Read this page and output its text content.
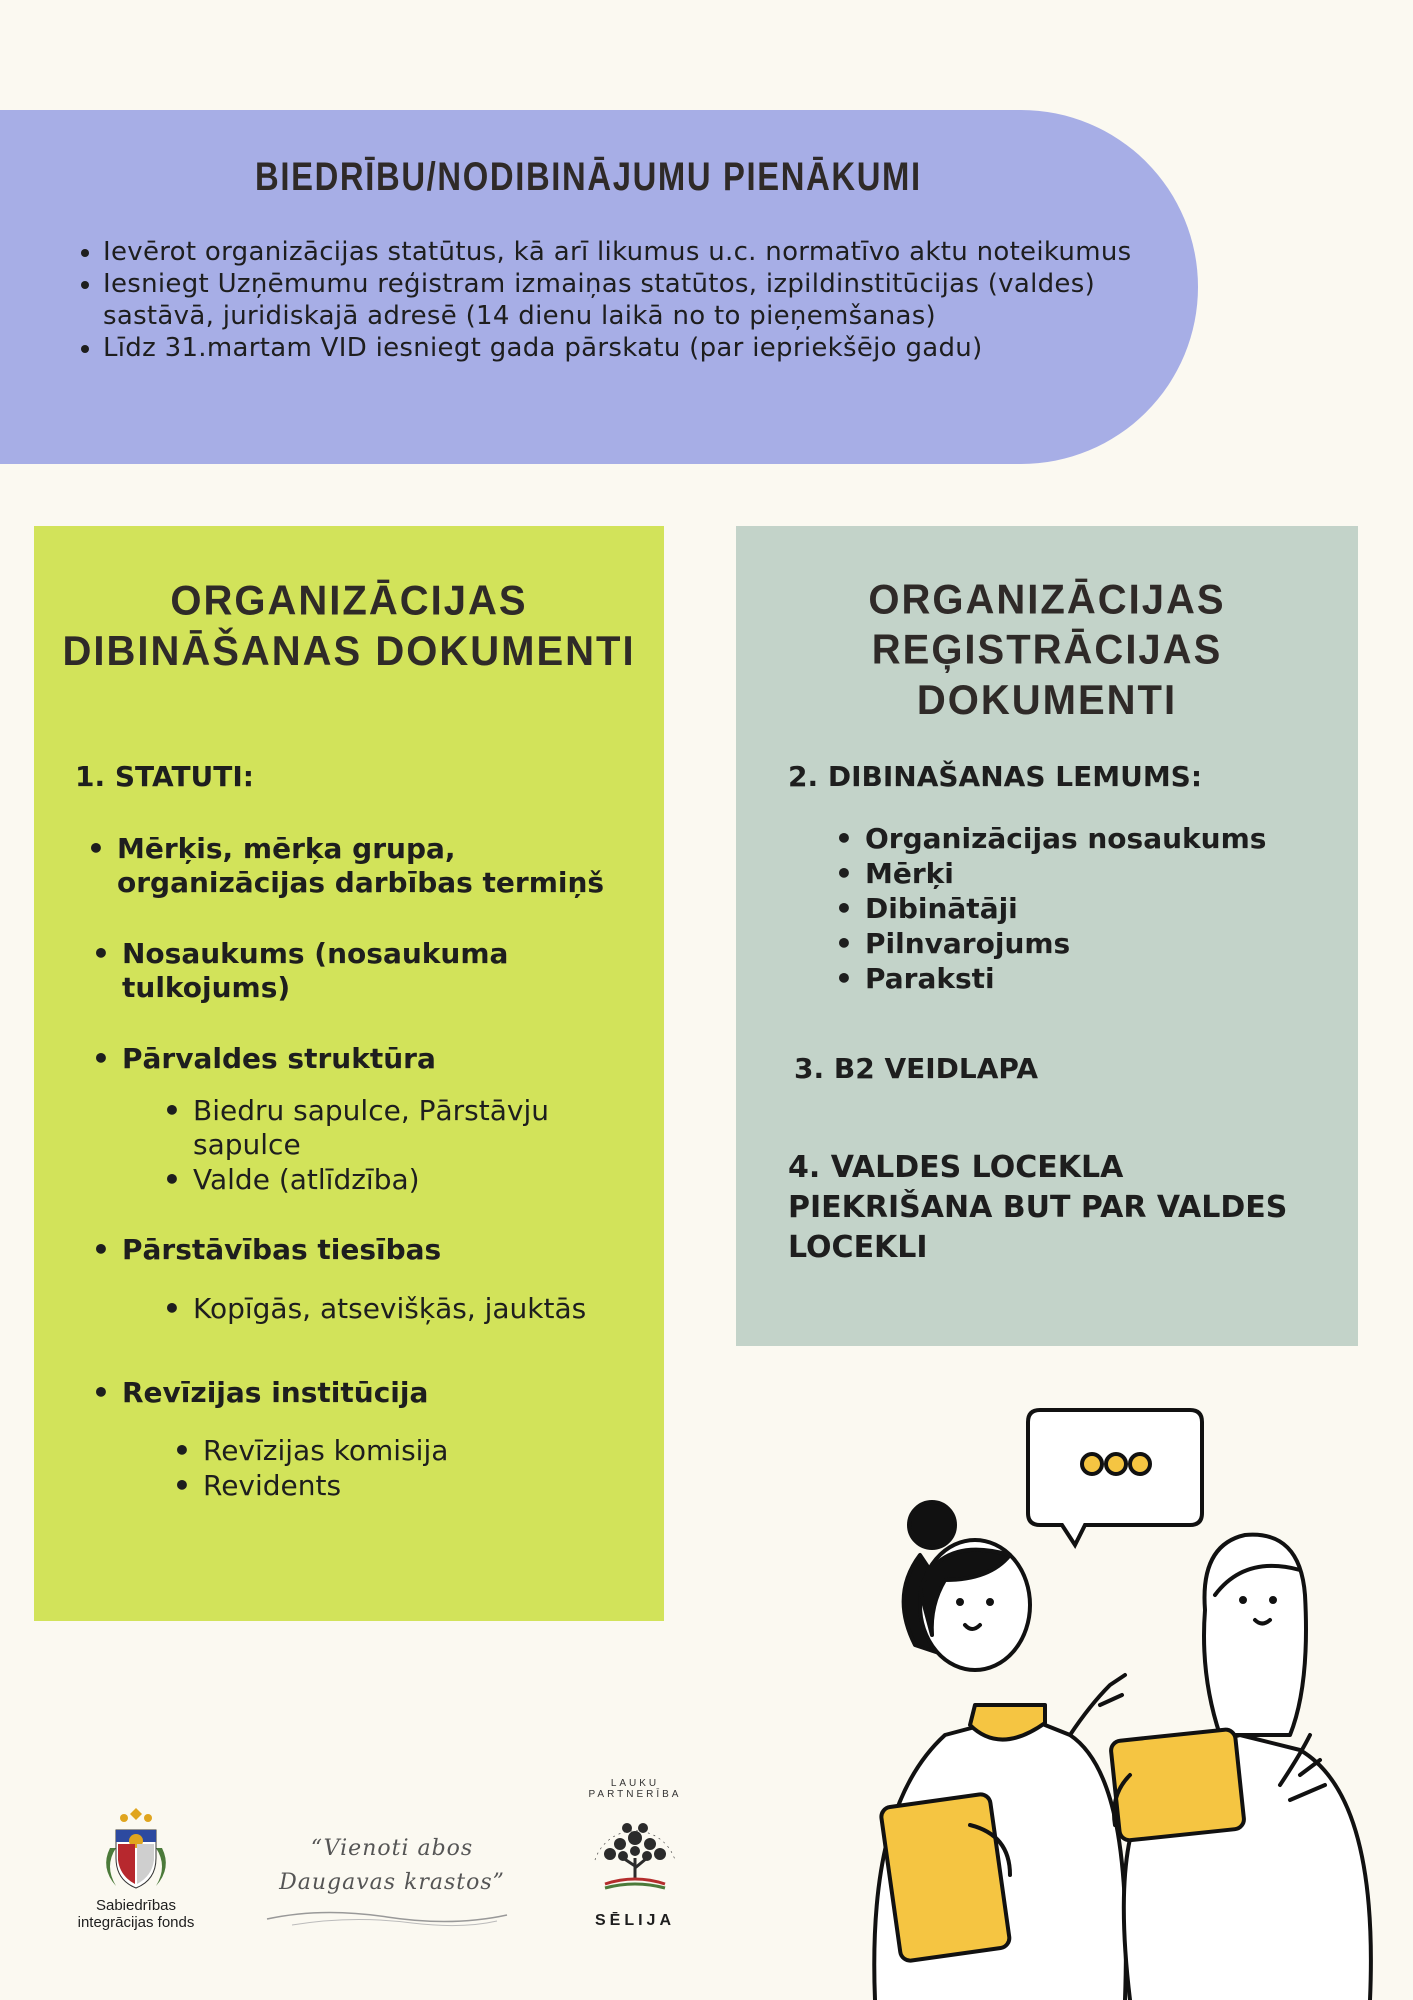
BIEDRĪBU/NODIBINĀJUMU PIENĀKUMI
• Ievērot organizācijas statūtus, kā arī likumus u.c. normatīvo aktu noteikumus
• Iesniegt Uzņēmumu reģistram izmaiņas statūtos, izpildinstitūcijas (valdes) sastāvā, juridiskajā adresē (14 dienu laikā no to pieņemšanas)
• Līdz 31.martam VID iesniegt gada pārskatu (par iepriekšējo gadu)
ORGANIZĀCIJAS DIBINĀŠANAS DOKUMENTI

1. STATUTI:

• Mērķis, mērķa grupa, organizācijas darbības termiņš

• Nosaukums (nosaukuma tulkojums)

• Pārvaldes struktūra

• Biedru sapulce, Pārstāvju sapulce

• Valde (atlīdzība)

• Pārstāvības tiesības

• Kopīgās, atsevišķās, jauktās

• Revīzijas institūcija

• Revīzijas komisija

• Revidents

ORGANIZĀCIJAS REĢISTRĀCIJAS DOKUMENTI

2. DIBINAŠANAS LEMUMS:

• Organizācijas nosaukums

• Mērķi

• Dibinātāji

• Pilnvarojums

• Paraksti

3. B2 VEIDLAPA

4. VALDES LOCEKLA PIEKRIŠANA BUT PAR VALDES LOCEKLI

Sabiedrības integrācijas fonds
“Vienoti abos Daugavas krastos”
LAUKU PARTNERĪBA
SĒLIJA
